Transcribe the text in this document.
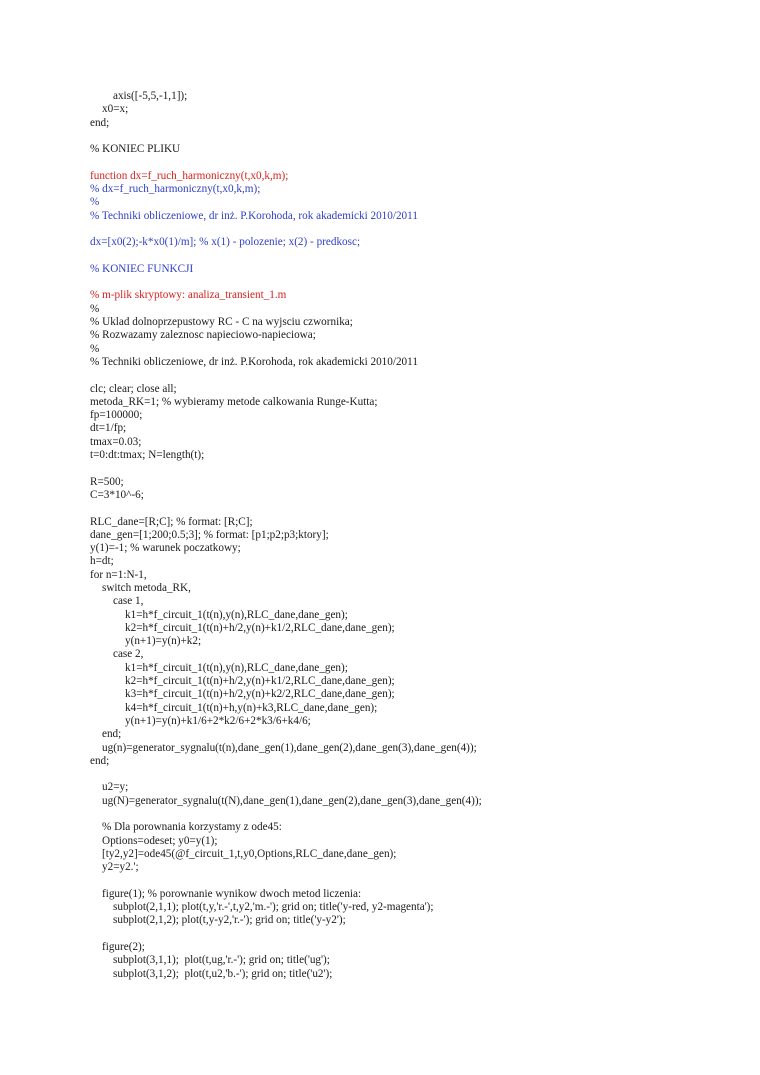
axis([-5,5,-1,1]);
x0=x;
end;
% KONIEC PLIKU
function dx=f_ruch_harmoniczny(t,x0,k,m);
% dx=f_ruch_harmoniczny(t,x0,k,m);
%
% Techniki obliczeniowe, dr inż. P.Korohoda, rok akademicki 2010/2011
dx=[x0(2);-k*x0(1)/m]; % x(1) - polozenie; x(2) - predkosc;
% KONIEC FUNKCJI
% m-plik skryptowy: analiza_transient_1.m
%
% Uklad dolnoprzepustowy RC - C na wyjsciu czwornika;
% Rozwazamy zaleznosc napieciowo-napieciowa;
%
% Techniki obliczeniowe, dr inż. P.Korohoda, rok akademicki 2010/2011
clc; clear; close all;
metoda_RK=1; % wybieramy metode calkowania Runge-Kutta;
fp=100000;
dt=1/fp;
tmax=0.03;
t=0:dt:tmax; N=length(t);
R=500;
C=3*10^-6;
RLC_dane=[R;C]; % format: [R;C];
dane_gen=[1;200;0.5;3]; % format: [p1;p2;p3;ktory];
y(1)=-1; % warunek poczatkowy;
h=dt;
for n=1:N-1,
switch metoda_RK,
case 1,
k1=h*f_circuit_1(t(n),y(n),RLC_dane,dane_gen);
k2=h*f_circuit_1(t(n)+h/2,y(n)+k1/2,RLC_dane,dane_gen);
y(n+1)=y(n)+k2;
case 2,
k1=h*f_circuit_1(t(n),y(n),RLC_dane,dane_gen);
k2=h*f_circuit_1(t(n)+h/2,y(n)+k1/2,RLC_dane,dane_gen);
k3=h*f_circuit_1(t(n)+h/2,y(n)+k2/2,RLC_dane,dane_gen);
k4=h*f_circuit_1(t(n)+h,y(n)+k3,RLC_dane,dane_gen);
y(n+1)=y(n)+k1/6+2*k2/6+2*k3/6+k4/6;
end;
ug(n)=generator_sygnalu(t(n),dane_gen(1),dane_gen(2),dane_gen(3),dane_gen(4));
end;
u2=y;
ug(N)=generator_sygnalu(t(N),dane_gen(1),dane_gen(2),dane_gen(3),dane_gen(4));
% Dla porownania korzystamy z ode45:
Options=odeset; y0=y(1);
[ty2,y2]=ode45(@f_circuit_1,t,y0,Options,RLC_dane,dane_gen);
y2=y2.';
figure(1); % porownanie wynikow dwoch metod liczenia:
subplot(2,1,1); plot(t,y,'r.-',t,y2,'m.-'); grid on; title('y-red, y2-magenta');
subplot(2,1,2); plot(t,y-y2,'r.-'); grid on; title('y-y2');
figure(2);
subplot(3,1,1);  plot(t,ug,'r.-'); grid on; title('ug');
subplot(3,1,2);  plot(t,u2,'b.-'); grid on; title('u2');
